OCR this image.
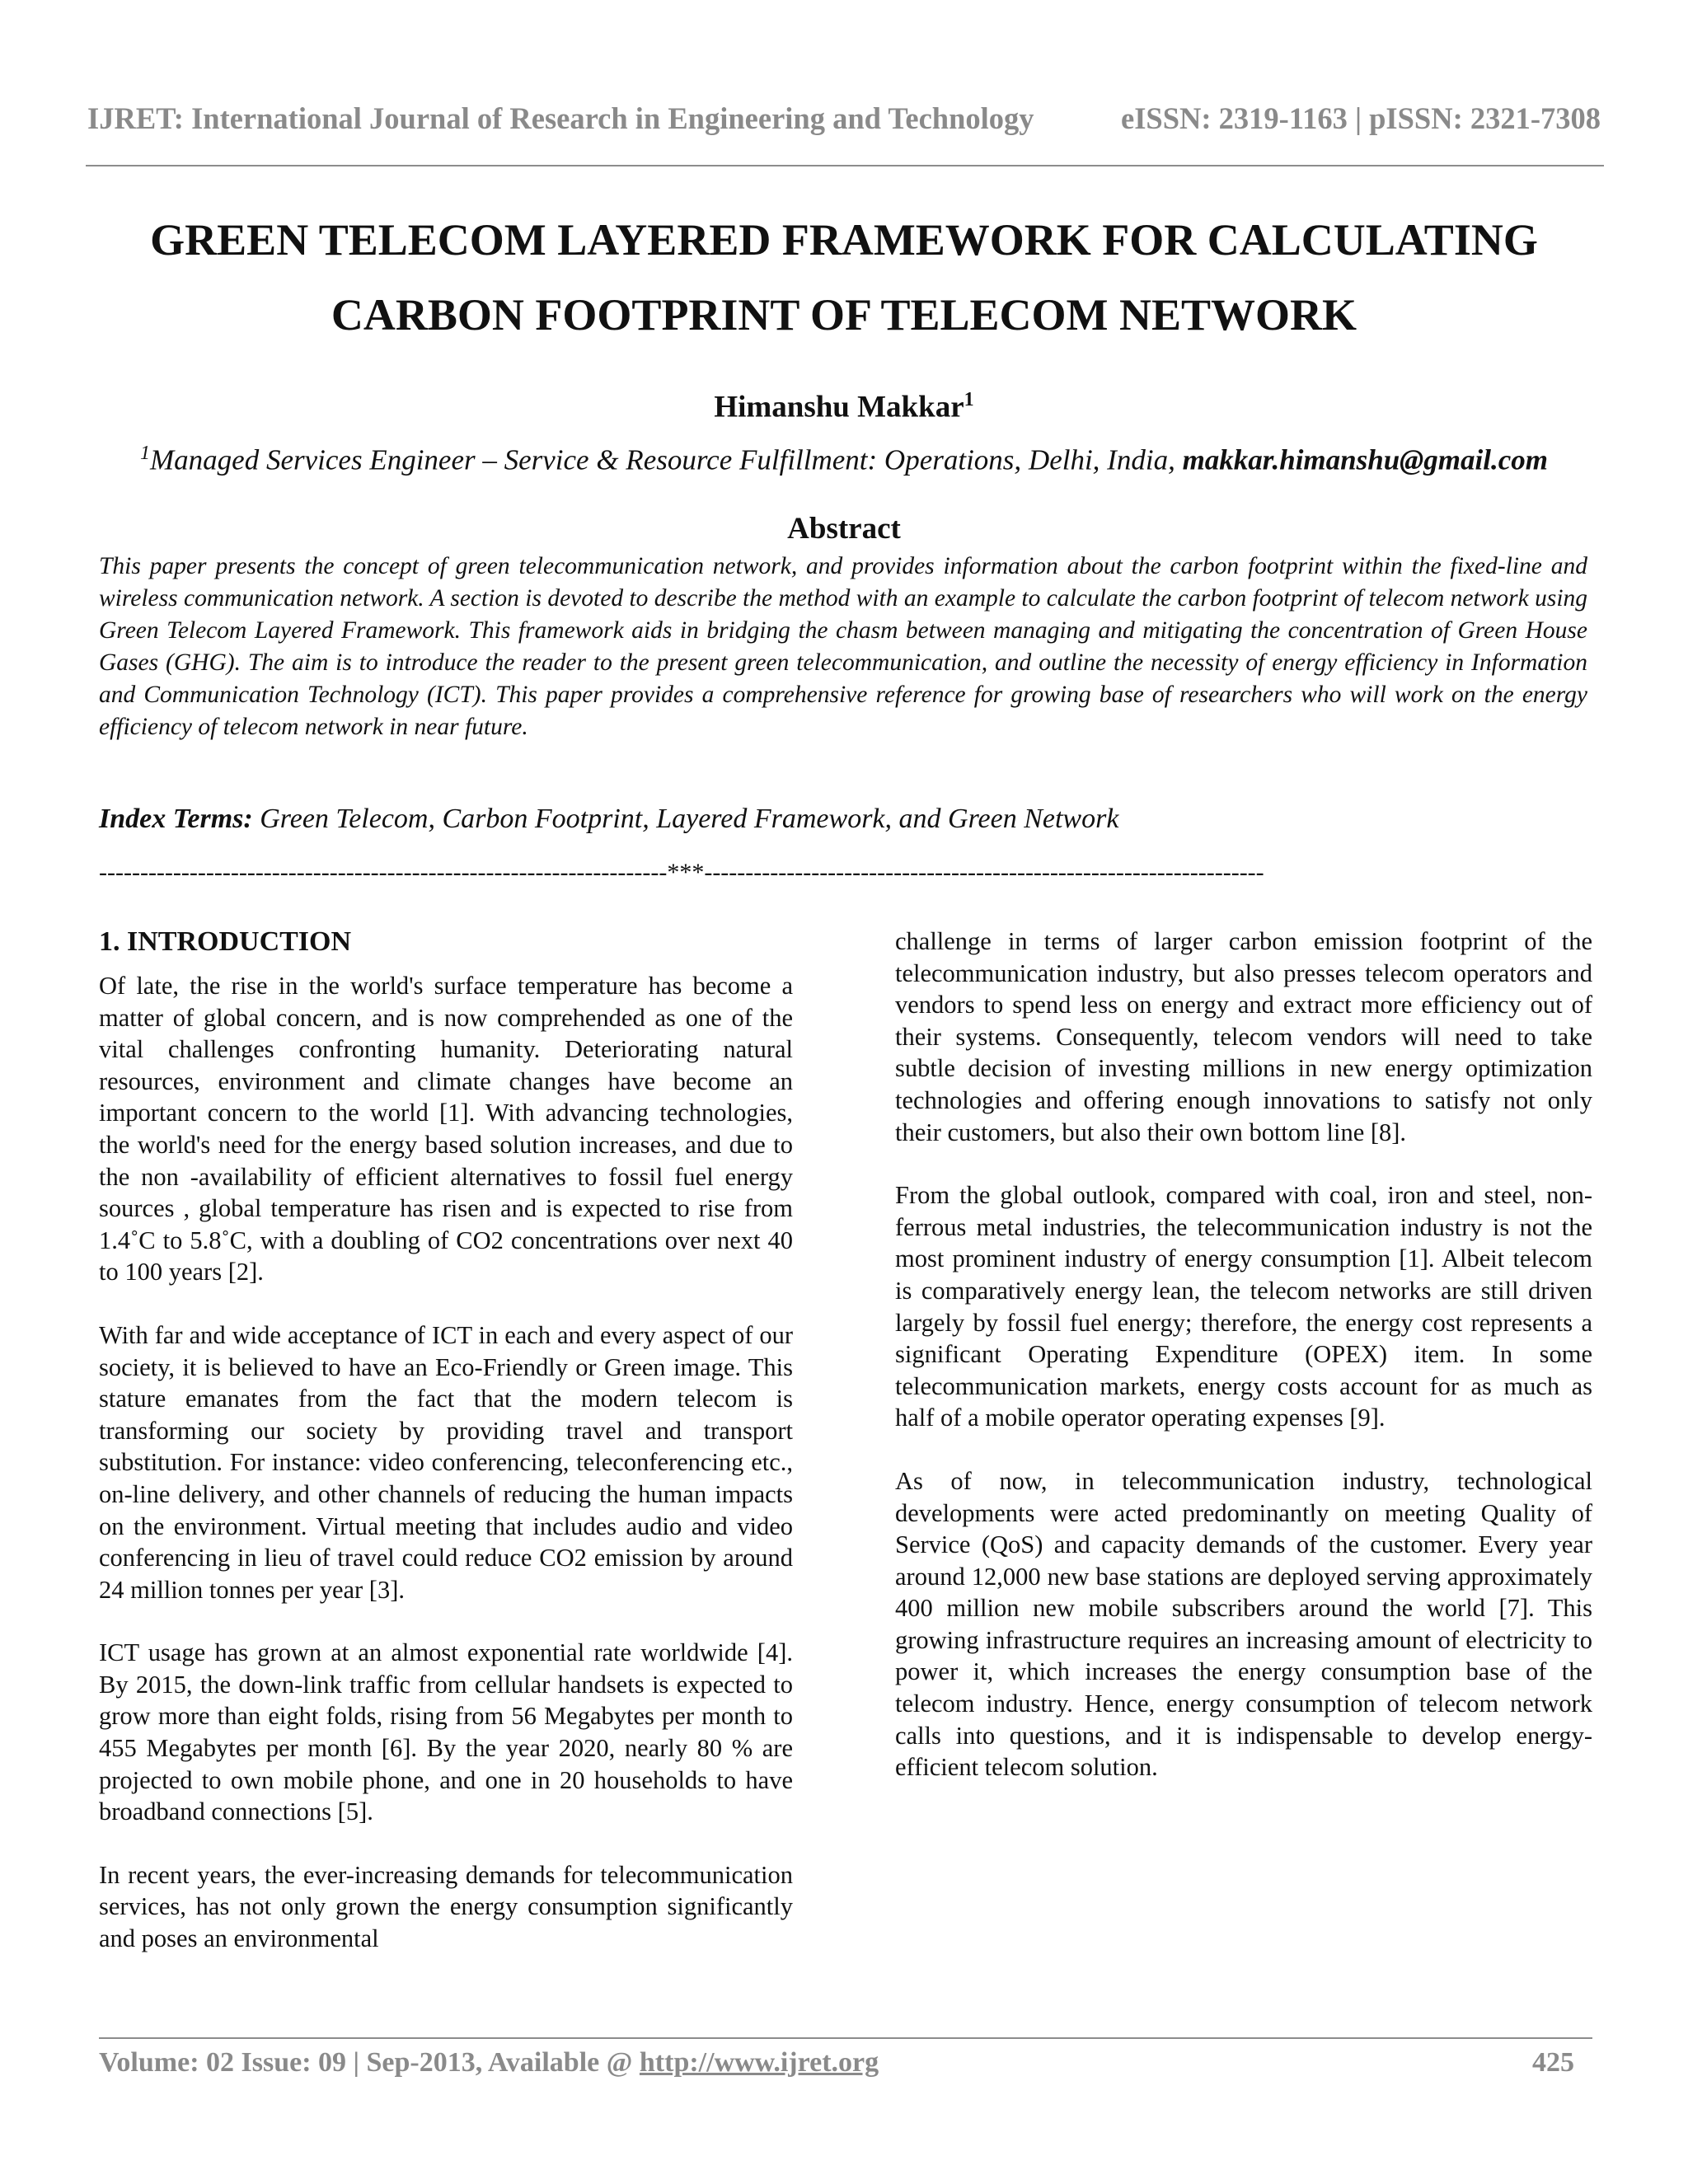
IJRET: International Journal of Research in Engineering and Technology	eISSN: 2319-1163 | pISSN: 2321-7308
GREEN TELECOM LAYERED FRAMEWORK FOR CALCULATING
CARBON FOOTPRINT OF TELECOM NETWORK
Himanshu Makkar$^1$
$^1$Managed Services Engineer – Service & Resource Fulfillment: Operations, Delhi, India, makkar.himanshu@gmail.com
Abstract

This paper presents the concept of green telecommunication network, and provides information about the carbon footprint within the fixed-line and wireless communication network. A section is devoted to describe the method with an example to calculate the carbon footprint of telecom network using Green Telecom Layered Framework. This framework aids in bridging the chasm between managing and mitigating the concentration of Green House Gases (GHG). The aim is to introduce the reader to the present green telecommunication, and outline the necessity of energy efficiency in Information and Communication Technology (ICT). This paper provides a comprehensive reference for growing base of researchers who will work on the energy efficiency of telecom network in near future.

Index Terms: Green Telecom, Carbon Footprint, Layered Framework, and Green Network

---------------------------------------------------------------------***--------------------------------------------------------------------
1. INTRODUCTION

Of late, the rise in the world's surface temperature has become a matter of global concern, and is now comprehended as one of the vital challenges confronting humanity. Deteriorating natural resources, environment and climate changes have become an important concern to the world [1]. With advancing technologies, the world's need for the energy based solution increases, and due to the non -availability of efficient alternatives to fossil fuel energy sources , global temperature has risen and is expected to rise from 1.4˚C to 5.8˚C, with a doubling of CO2 concentrations over next 40 to 100 years [2].

With far and wide acceptance of ICT in each and every aspect of our society, it is believed to have an Eco-Friendly or Green image. This stature emanates from the fact that the modern telecom is transforming our society by providing travel and transport substitution. For instance: video conferencing, teleconferencing etc., on-line delivery, and other channels of reducing the human impacts on the environment. Virtual meeting that includes audio and video conferencing in lieu of travel could reduce CO2 emission by around 24 million tonnes per year [3].

ICT usage has grown at an almost exponential rate worldwide [4]. By 2015, the down-link traffic from cellular handsets is expected to grow more than eight folds, rising from 56 Megabytes per month to 455 Megabytes per month [6]. By the year 2020, nearly 80 % are projected to own mobile phone, and one in 20 households to have broadband connections [5].

In recent years, the ever-increasing demands for telecommunication services, has not only grown the energy consumption significantly and poses an environmental

challenge in terms of larger carbon emission footprint of the telecommunication industry, but also presses telecom operators and vendors to spend less on energy and extract more efficiency out of their systems. Consequently, telecom vendors will need to take subtle decision of investing millions in new energy optimization technologies and offering enough innovations to satisfy not only their customers, but also their own bottom line [8].

From the global outlook, compared with coal, iron and steel, non-ferrous metal industries, the telecommunication industry is not the most prominent industry of energy consumption [1]. Albeit telecom is comparatively energy lean, the telecom networks are still driven largely by fossil fuel energy; therefore, the energy cost represents a significant Operating Expenditure (OPEX) item. In some telecommunication markets, energy costs account for as much as half of a mobile operator operating expenses [9].

As of now, in telecommunication industry, technological developments were acted predominantly on meeting Quality of Service (QoS) and capacity demands of the customer. Every year around 12,000 new base stations are deployed serving approximately 400 million new mobile subscribers around the world [7]. This growing infrastructure requires an increasing amount of electricity to power it, which increases the energy consumption base of the telecom industry. Hence, energy consumption of telecom network calls into questions, and it is indispensable to develop energy-efficient telecom solution.

Volume: 02 Issue: 09 | Sep-2013, Available @ http://www.ijret.org	425
